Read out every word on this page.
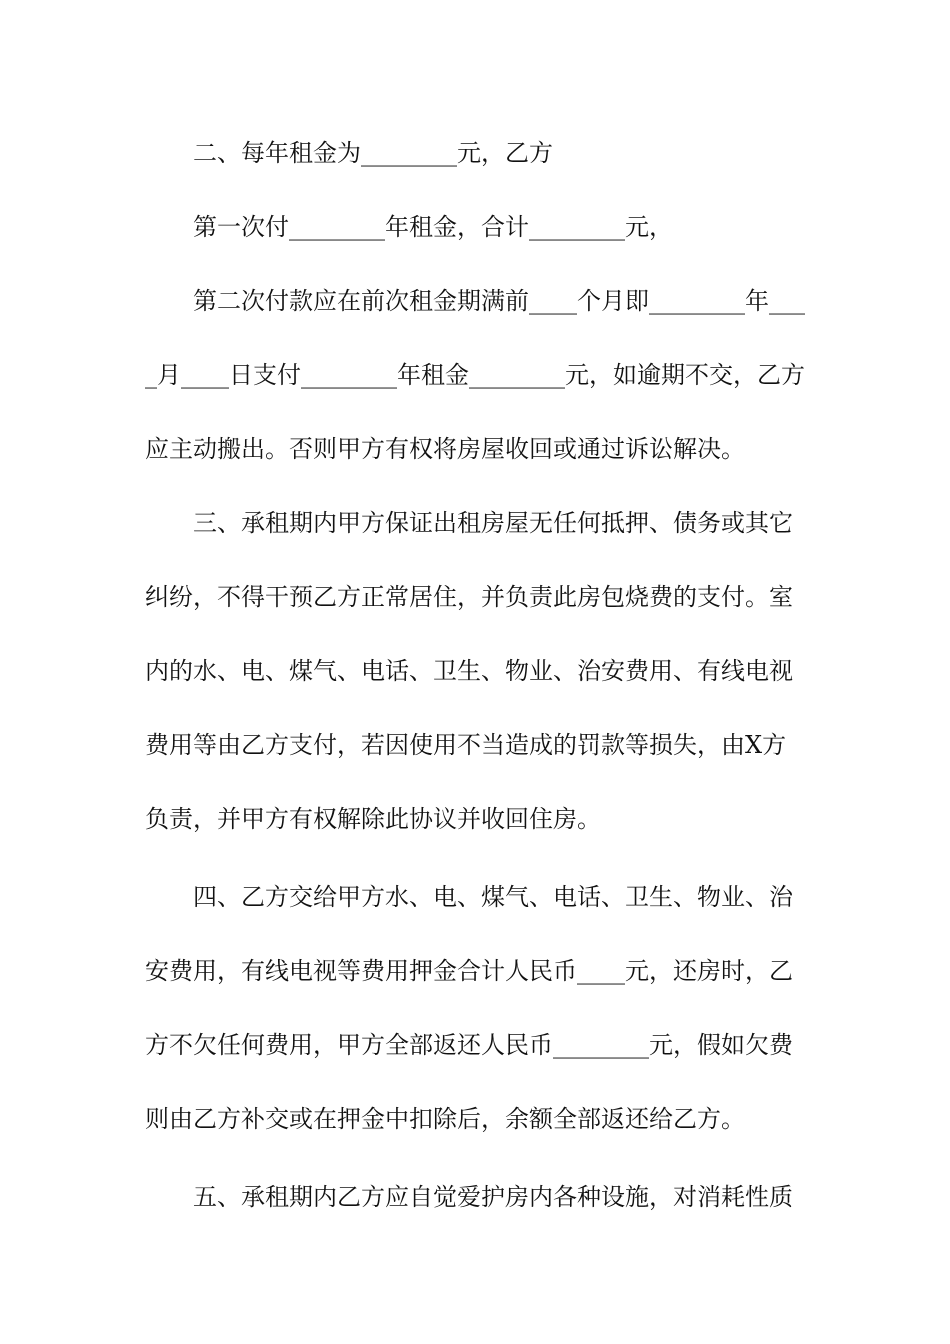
二、每年租金为________元，乙方

第一次付________年租金，合计________元，

第二次付款应在前次租金期满前____个月即________年___

_月____日支付________年租金________元，如逾期不交，乙方

应主动搬出。否则甲方有权将房屋收回或通过诉讼解决。

三、承租期内甲方保证出租房屋无任何抵押、债务或其它

纠纷，不得干预乙方正常居住，并负责此房包烧费的支付。室

内的水、电、煤气、电话、卫生、物业、治安费用、有线电视

费用等由乙方支付，若因使用不当造成的罚款等损失，由X方

负责，并甲方有权解除此协议并收回住房。

四、乙方交给甲方水、电、煤气、电话、卫生、物业、治

安费用，有线电视等费用押金合计人民币____元，还房时，乙

方不欠任何费用，甲方全部返还人民币________元，假如欠费

则由乙方补交或在押金中扣除后，余额全部返还给乙方。

五、承租期内乙方应自觉爱护房内各种设施，对消耗性质
